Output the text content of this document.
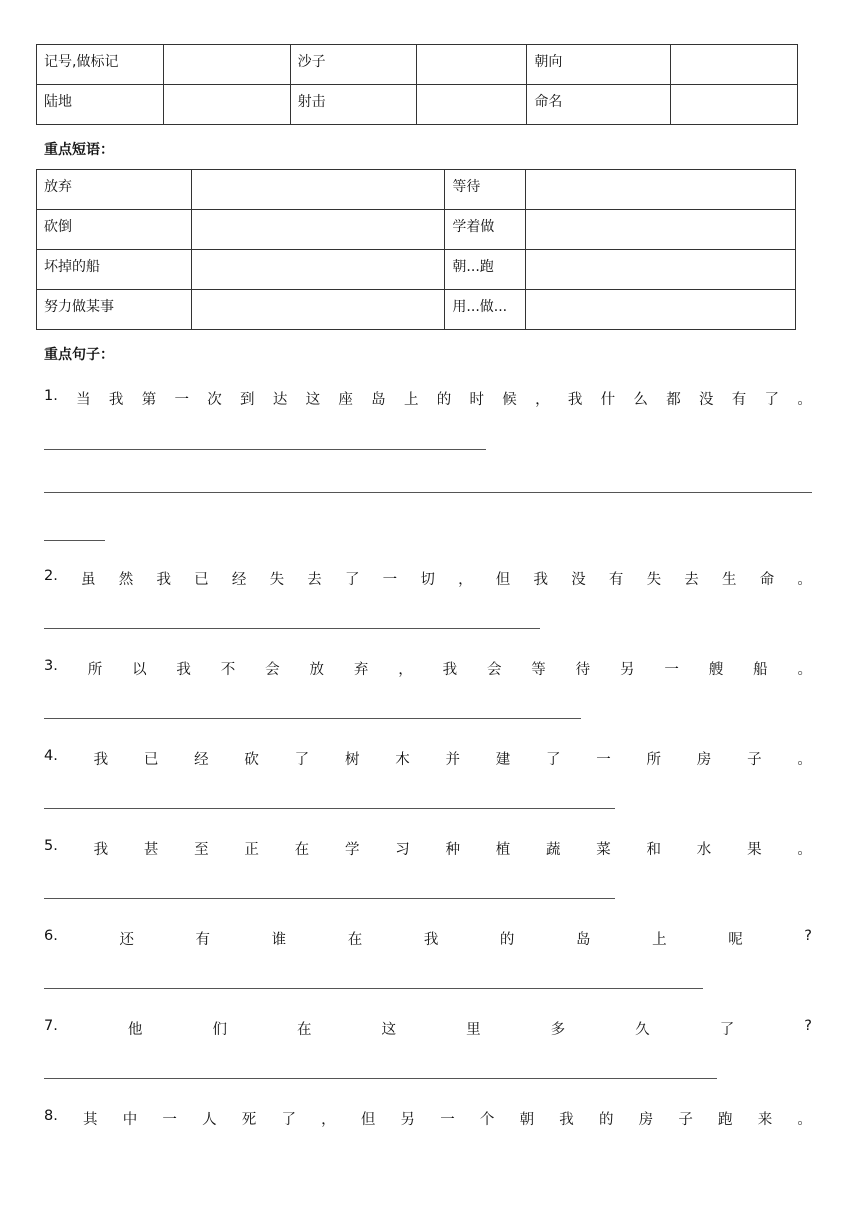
记号,做标记		沙子		朝向	
陆地		射击		命名	
重点短语：
放弃		等待	
砍倒		学着做	
坏掉的船		朝...跑	
努力做某事		用...做...	
重点句子：
1. 当 我 第 一 次 到 达 这 座 岛 上 的 时 候 ， 我 什 么 都 没 有 了 。
2. 虽 然 我 已 经 失 去 了 一 切 ， 但 我 没 有 失 去 生 命 。
3. 所 以 我 不 会 放 弃 ， 我 会 等 待 另 一 艘 船 。
4. 我 已 经 砍 了 树 木 并 建 了 一 所 房 子 。
5. 我 甚 至 正 在 学 习 种 植 蔬 菜 和 水 果 。
6.	还	有	谁	在	我	的	岛	上	呢	?
7.	他	们	在	这	里	多	久	了	?
8. 其 中 一 人 死 了 ， 但 另 一 个 朝 我 的 房 子 跑 来 。
